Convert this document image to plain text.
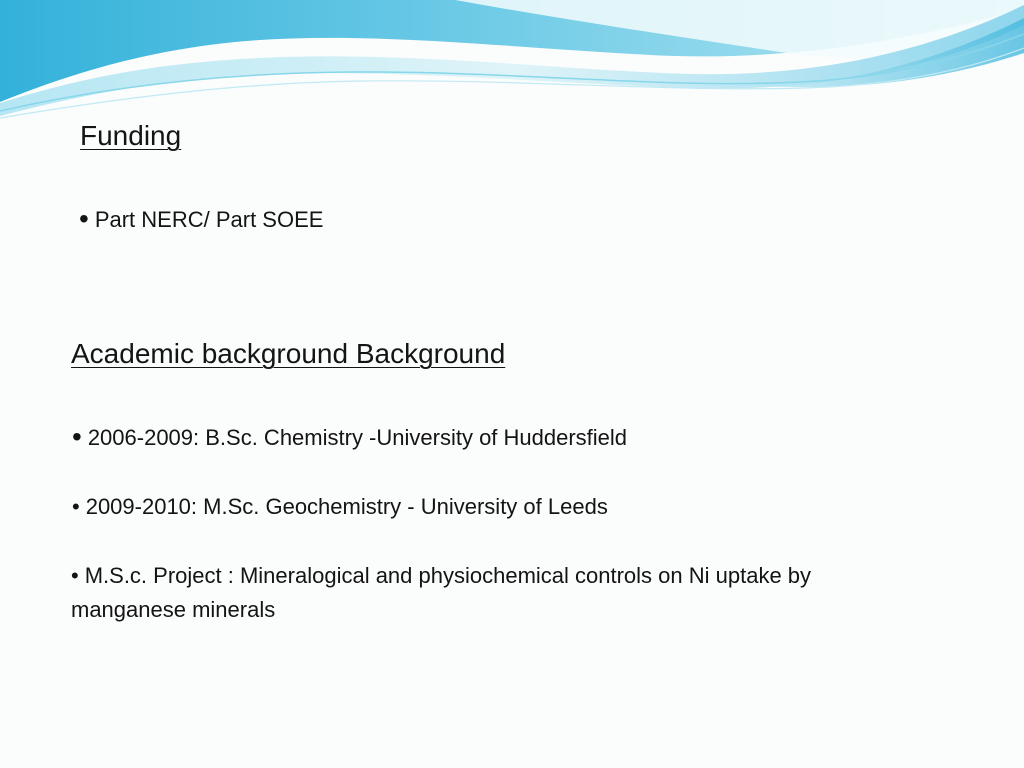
Funding

• Part NERC/ Part SOEE

Academic background Background

• 2006-2009: B.Sc. Chemistry -University of Huddersfield

• 2009-2010: M.Sc. Geochemistry - University of Leeds

• M.S.c. Project : Mineralogical and physiochemical controls on Ni uptake by manganese minerals
